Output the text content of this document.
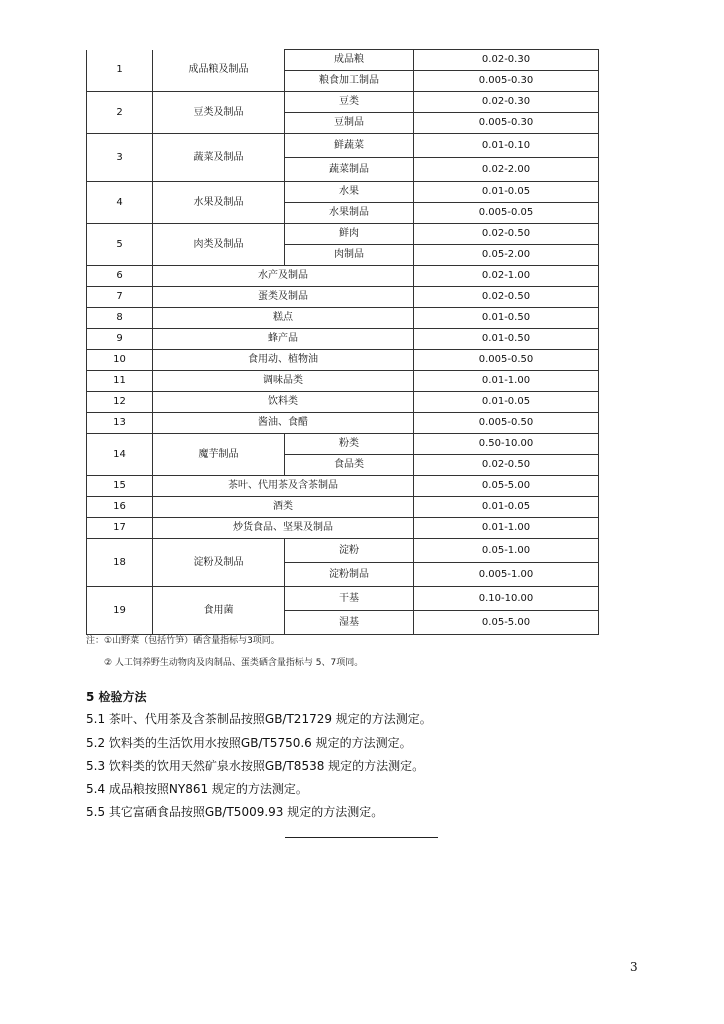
1	成品粮及制品	成品粮	0.02-0.30
		粮食加工制品	0.005-0.30
2	豆类及制品	豆类	0.02-0.30
		豆制品	0.005-0.30
3	蔬菜及制品	鲜蔬菜	0.01-0.10
		蔬菜制品	0.02-2.00
4	水果及制品	水果	0.01-0.05
		水果制品	0.005-0.05
5	肉类及制品	鲜肉	0.02-0.50
		肉制品	0.05-2.00
6	水产及制品		0.02-1.00
7	蛋类及制品		0.02-0.50
8	糕点		0.01-0.50
9	蜂产品		0.01-0.50
10	食用动、植物油		0.005-0.50
11	调味品类		0.01-1.00
12	饮料类		0.01-0.05
13	酱油、食醋		0.005-0.50
14	魔芋制品	粉类	0.50-10.00
		食品类	0.02-0.50
15	茶叶、代用茶及含茶制品		0.05-5.00
16	酒类		0.01-0.05
17	炒货食品、坚果及制品		0.01-1.00
18	淀粉及制品	淀粉	0.05-1.00
		淀粉制品	0.005-1.00
19	食用菌	干基	0.10-10.00
		湿基	0.05-5.00
注：①山野菜（包括竹笋）硒含量指标与3项同。
② 人工饲养野生动物肉及肉制品、蛋类硒含量指标与 5、7项同。
5 检验方法
5.1 茶叶、代用茶及含茶制品按照GB/T21729 规定的方法测定。
5.2 饮料类的生活饮用水按照GB/T5750.6 规定的方法测定。
5.3 饮料类的饮用天然矿泉水按照GB/T8538 规定的方法测定。
5.4 成品粮按照NY861 规定的方法测定。
5.5 其它富硒食品按照GB/T5009.93 规定的方法测定。
3
